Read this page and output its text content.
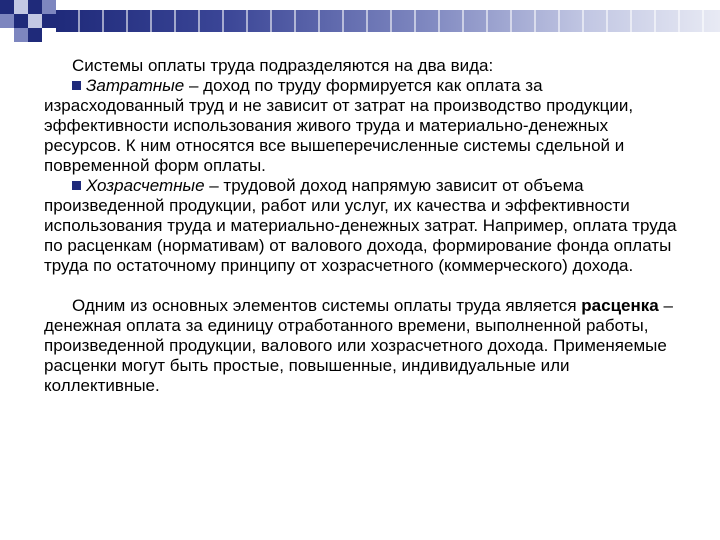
Системы оплаты труда подразделяются на два вида:

Затратные – доход по труду формируется как оплата за израсходованный труд и не зависит от затрат на производство продукции, эффективности использования живого труда и материально-денежных ресурсов. К ним относятся все вышеперечисленные системы сдельной и повременной форм оплаты.

Хозрасчетные – трудовой доход напрямую зависит от объема произведенной продукции, работ или услуг, их качества и эффективности использования труда и материально-денежных затрат. Например, оплата труда по расценкам (нормативам) от валового дохода, формирование фонда оплаты труда по остаточному принципу от хозрасчетного (коммерческого) дохода.

Одним из основных элементов системы оплаты труда является расценка – денежная оплата за единицу отработанного времени, выполненной работы, произведенной продукции, валового или хозрасчетного дохода. Применяемые расценки могут быть простые, повышенные, индивидуальные или коллективные.
